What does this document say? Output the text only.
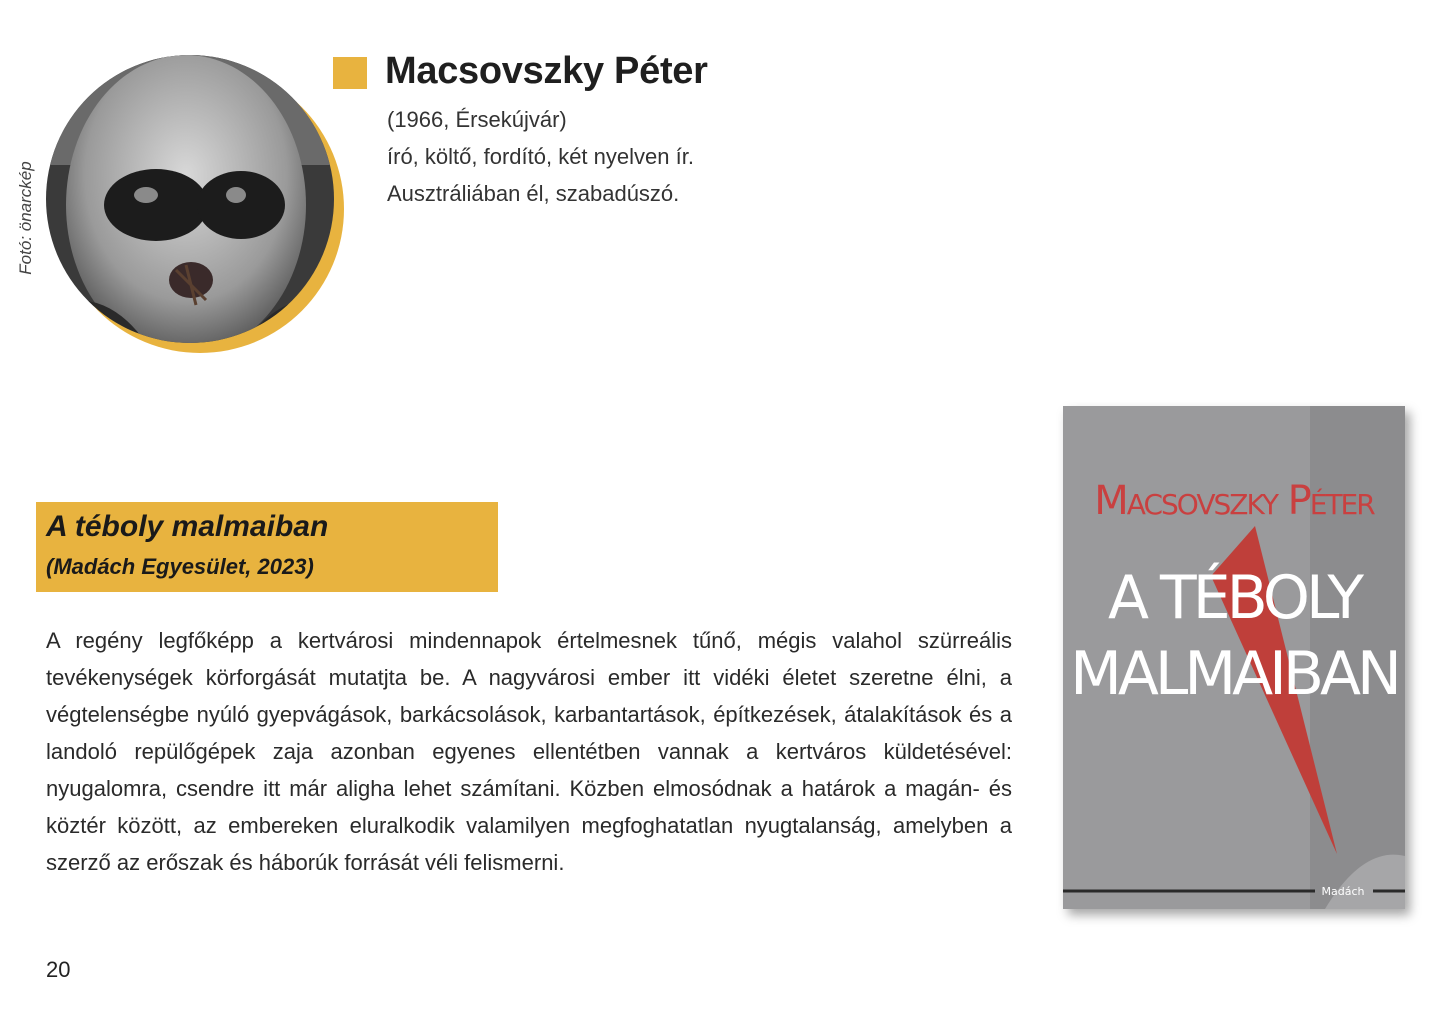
Fotó: önarckép
Macsovszky Péter
(1966, Érsekújvár)
író, költő, fordító, két nyelven ír.
Ausztráliában él, szabadúszó.
A téboly malmaiban
(Madách Egyesület, 2023)

A regény legfőképp a kertvárosi mindennapok értelmesnek tűnő, mégis valahol szürreális tevékenységek körforgását mutatjta be. A nagyvárosi ember itt vidéki életet szeretne élni, a végtelenségbe nyúló gyepvágások, barkácsolások, karbantartások, építkezések, átalakítások és a landoló repülőgépek zaja azonban egyenes ellentétben vannak a kertváros küldetésével: nyugalomra, csendre itt már aligha lehet számítani. Közben elmosódnak a határok a magán- és köztér között, az embereken eluralkodik valamilyen megfoghatatlan nyugtalanság, amelyben a szerző az erőszak és háborúk forrását véli felismerni.

20
Macsovszky Péter
A TÉBOLY
MALMAIBAN
Madách
